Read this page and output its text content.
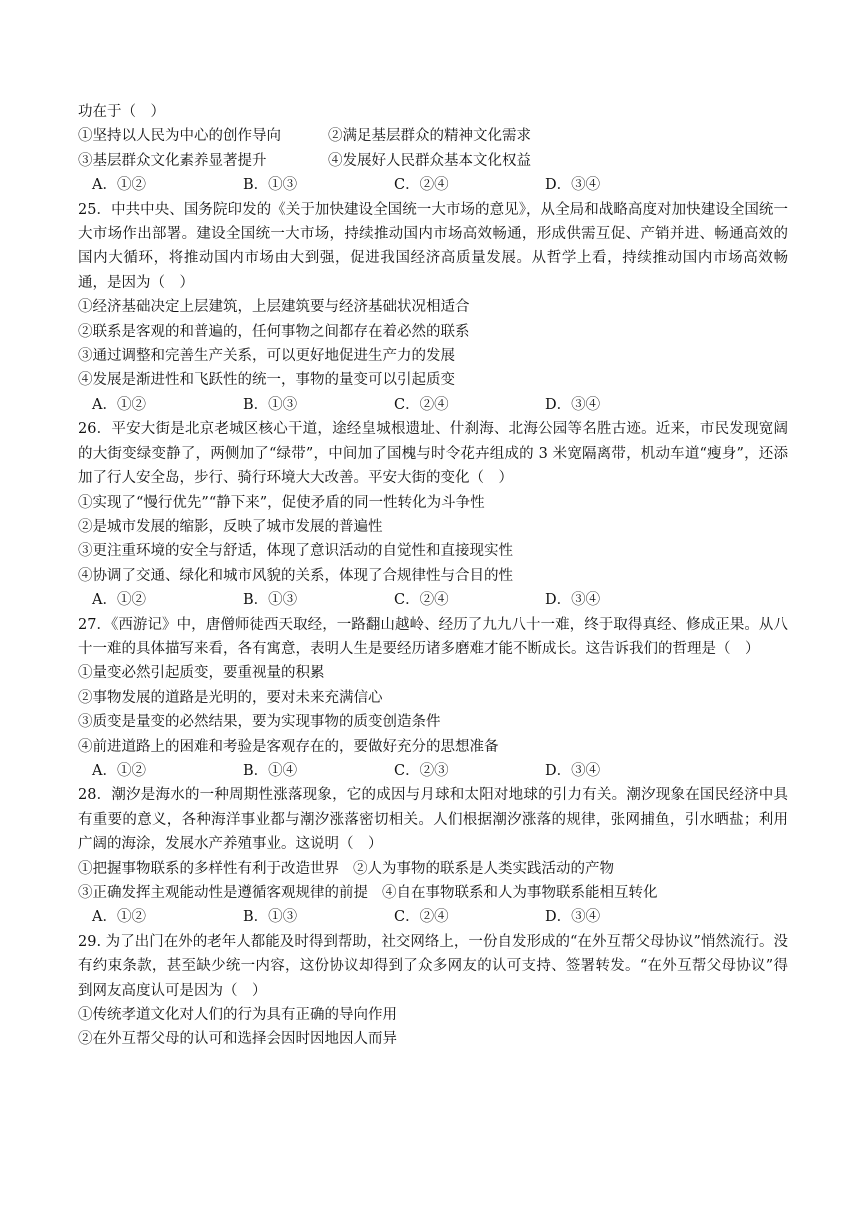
功在于（　）
①坚持以人民为中心的创作导向	②满足基层群众的精神文化需求
③基层群众文化素养显著提升	④发展好人民群众基本文化权益
A．①②	B．①③	C．②④	D．③④
25．中共中央、国务院印发的《关于加快建设全国统一大市场的意见》，从全局和战略高度对加快建设全国统一大市场作出部署。建设全国统一大市场，持续推动国内市场高效畅通，形成供需互促、产销并进、畅通高效的国内大循环，将推动国内市场由大到强，促进我国经济高质量发展。从哲学上看，持续推动国内市场高效畅通，是因为（　）
①经济基础决定上层建筑，上层建筑要与经济基础状况相适合
②联系是客观的和普遍的，任何事物之间都存在着必然的联系
③通过调整和完善生产关系，可以更好地促进生产力的发展
④发展是渐进性和飞跃性的统一，事物的量变可以引起质变
A．①②	B．①③	C．②④	D．③④
26．平安大街是北京老城区核心干道，途经皇城根遗址、什刹海、北海公园等名胜古迹。近来，市民发现宽阔的大街变绿变静了，两侧加了“绿带”，中间加了国槐与时令花卉组成的 3 米宽隔离带，机动车道“瘦身”，还添加了行人安全岛，步行、骑行环境大大改善。平安大街的变化（　）
①实现了“慢行优先”“静下来”，促使矛盾的同一性转化为斗争性
②是城市发展的缩影，反映了城市发展的普遍性
③更注重环境的安全与舒适，体现了意识活动的自觉性和直接现实性
④协调了交通、绿化和城市风貌的关系，体现了合规律性与合目的性
A．①②	B．①③	C．②④	D．③④
27．《西游记》中，唐僧师徒西天取经，一路翻山越岭、经历了九九八十一难，终于取得真经、修成正果。从八十一难的具体描写来看，各有寓意，表明人生是要经历诸多磨难才能不断成长。这告诉我们的哲理是（　）
①量变必然引起质变，要重视量的积累
②事物发展的道路是光明的，要对未来充满信心
③质变是量变的必然结果，要为实现事物的质变创造条件
④前进道路上的困难和考验是客观存在的，要做好充分的思想准备
A．①②	B．①④	C．②③	D．③④
28．潮汐是海水的一种周期性涨落现象，它的成因与月球和太阳对地球的引力有关。潮汐现象在国民经济中具有重要的意义，各种海洋事业都与潮汐涨落密切相关。人们根据潮汐涨落的规律，张网捕鱼，引水晒盐；利用广阔的海涂，发展水产养殖事业。这说明（　）
①把握事物联系的多样性有利于改造世界 ②人为事物的联系是人类实践活动的产物
③正确发挥主观能动性是遵循客观规律的前提 ④自在事物联系和人为事物联系能相互转化
A．①②	B．①③	C．②④	D．③④
29. 为了出门在外的老年人都能及时得到帮助，社交网络上，一份自发形成的“在外互帮父母协议”悄然流行。没有约束条款，甚至缺少统一内容，这份协议却得到了众多网友的认可支持、签署转发。“在外互帮父母协议”得到网友高度认可是因为（　）
①传统孝道文化对人们的行为具有正确的导向作用
②在外互帮父母的认可和选择会因时因地因人而异
